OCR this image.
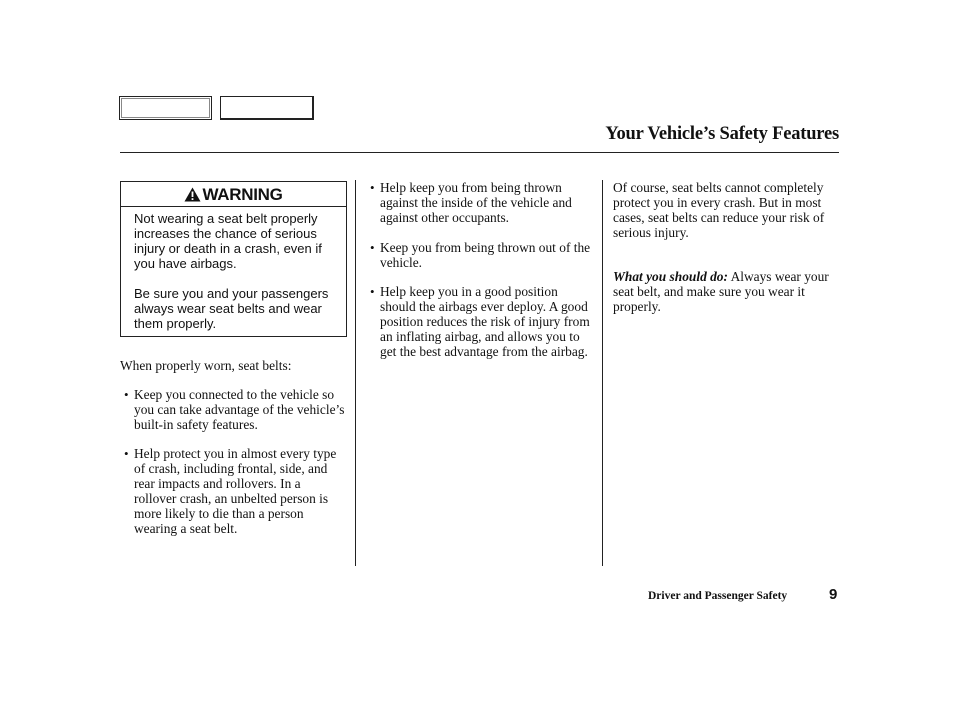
Your Vehicle’s Safety Features
WARNING
Not wearing a seat belt properly increases the chance of serious injury or death in a crash, even if you have airbags.
Be sure you and your passengers always wear seat belts and wear them properly.
When properly worn, seat belts:
• Keep you connected to the vehicle so you can take advantage of the vehicle’s built-in safety features.
• Help protect you in almost every type of crash, including frontal, side, and rear impacts and rollovers. In a rollover crash, an unbelted person is more likely to die than a person wearing a seat belt.
• Help keep you from being thrown against the inside of the vehicle and against other occupants.
• Keep you from being thrown out of the vehicle.
• Help keep you in a good position should the airbags ever deploy. A good position reduces the risk of injury from an inflating airbag, and allows you to get the best advantage from the airbag.
Of course, seat belts cannot completely protect you in every crash. But in most cases, seat belts can reduce your risk of serious injury.
What you should do: Always wear your seat belt, and make sure you wear it properly.
Driver and Passenger Safety	9
